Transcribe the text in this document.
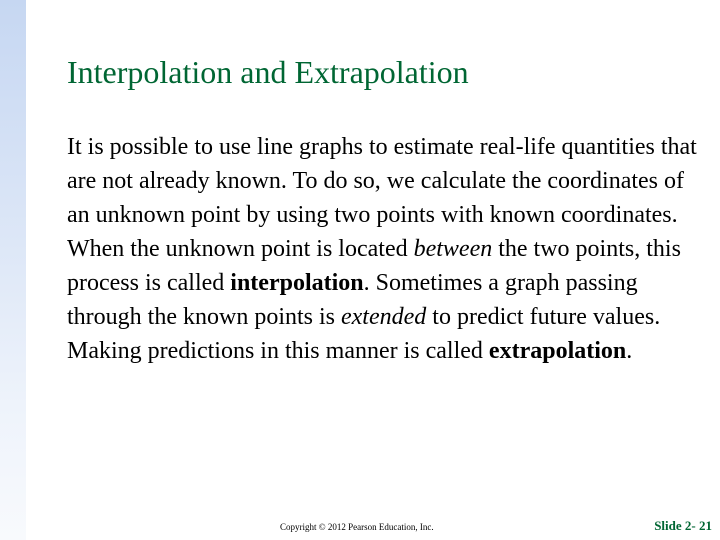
Interpolation and Extrapolation

It is possible to use line graphs to estimate real-life quantities that are not already known. To do so, we calculate the coordinates of an unknown point by using two points with known coordinates. When the unknown point is located between the two points, this process is called interpolation. Sometimes a graph passing through the known points is extended to predict future values. Making predictions in this manner is called extrapolation.

Copyright © 2012 Pearson Education, Inc.	Slide 2- 21
